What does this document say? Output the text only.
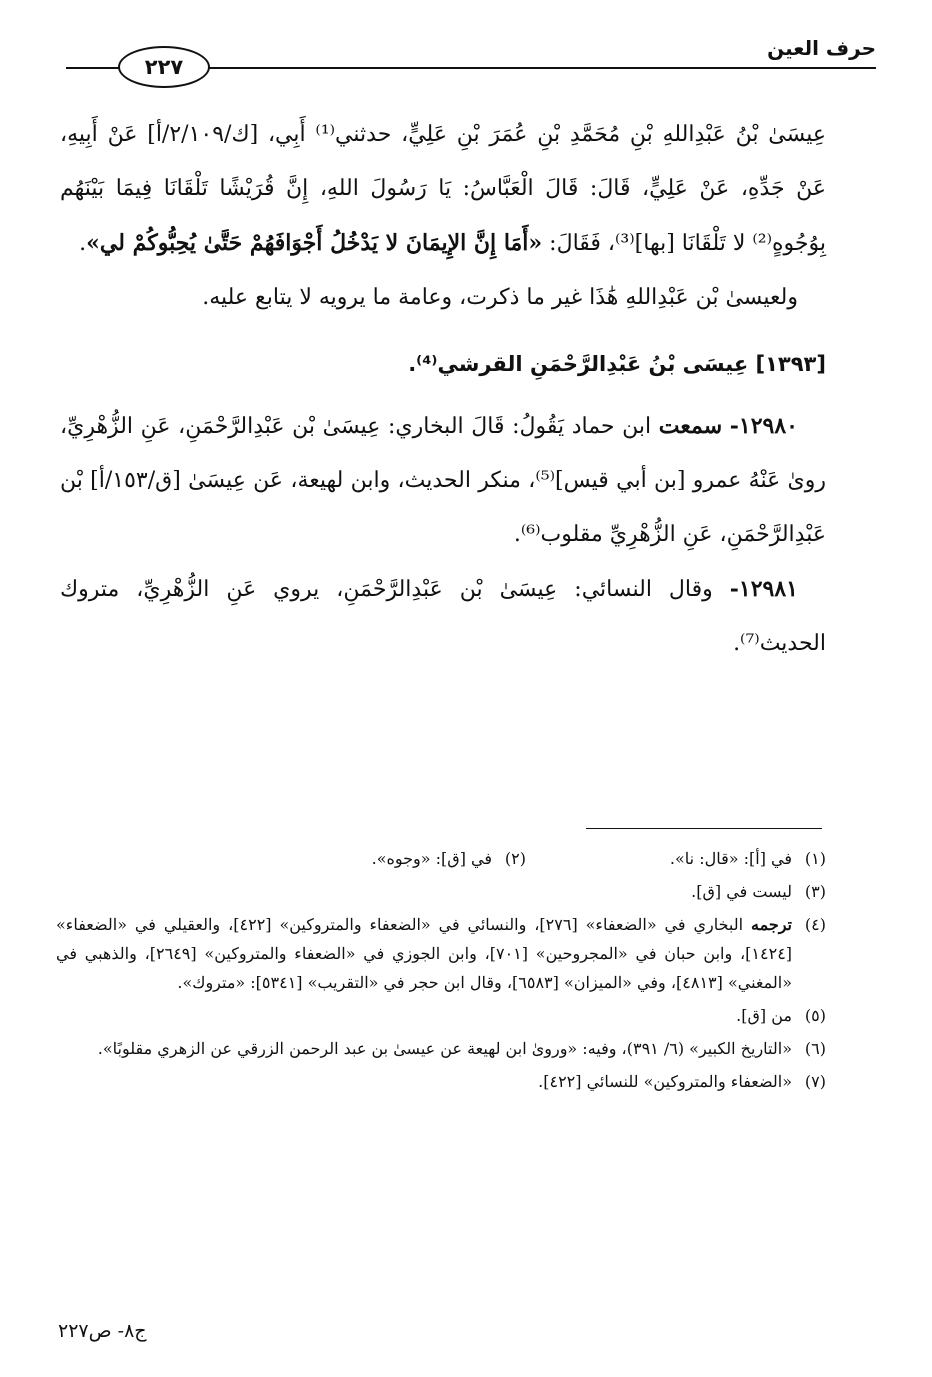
حرف العين
٢٢٧

عِيسَىٰ بْنُ عَبْدِاللهِ بْنِ مُحَمَّدِ بْنِ عُمَرَ بْنِ عَلِيٍّ، حدثني⁽¹⁾ أَبِي، [ك/٢/١٠٩/أ] عَنْ أَبِيهِ، عَنْ جَدِّهِ، عَنْ عَلِيٍّ، قَالَ: قَالَ الْعَبَّاسُ: يَا رَسُولَ اللهِ، إِنَّ قُرَيْشًا تَلْقَانَا فِيمَا بَيْنَهُم بِوُجُوهٍ⁽²⁾ لا تَلْقَانَا [بها]⁽³⁾، فَقَالَ: «أَمَا إِنَّ الإِيمَانَ لا يَدْخُلُ أَجْوَافَهُمْ حَتَّىٰ يُحِبُّوكُمْ لي».

ولعيسىٰ بْن عَبْدِاللهِ هَٰذَا غير ما ذكرت، وعامة ما يرويه لا يتابع عليه.

[١٣٩٣] عِيسَى بْنُ عَبْدِالرَّحْمَنِ القرشي⁽⁴⁾.

١٢٩٨٠- سمعت ابن حماد يَقُولُ: قَالَ البخاري: عِيسَىٰ بْن عَبْدِالرَّحْمَنِ، عَنِ الزُّهْرِيِّ، روىٰ عَنْهُ عمرو [بن أبي قيس]⁽⁵⁾، منكر الحديث، وابن لهيعة، عَن عِيسَىٰ [ق/١٥٣/أ] بْن عَبْدِالرَّحْمَنِ، عَنِ الزُّهْرِيِّ مقلوب⁽⁶⁾.

١٢٩٨١- وقال النسائي: عِيسَىٰ بْن عَبْدِالرَّحْمَنِ، يروي عَنِ الزُّهْرِيِّ، متروك الحديث⁽⁷⁾.

(١)
في [أ]: «قال: نا».
(٢)
في [ق]: «وجوه».
(٣)
ليست في [ق].
(٤)
ترجمه البخاري في «الضعفاء» [٢٧٦]، والنسائي في «الضعفاء والمتروكين» [٤٢٢]، والعقيلي في «الضعفاء» [١٤٢٤]، وابن حبان في «المجروحين» [٧٠١]، وابن الجوزي في «الضعفاء والمتروكين» [٢٦٤٩]، والذهبي في «المغني» [٤٨١٣]، وفي «الميزان» [٦٥٨٣]، وقال ابن حجر في «التقريب» [٥٣٤١]: «متروك».
(٥)
من [ق].
(٦)
«التاريخ الكبير» (٦/ ٣٩١)، وفيه: «وروىٰ ابن لهيعة عن عيسىٰ بن عبد الرحمن الزرقي عن الزهري مقلوبًا».
(٧)
«الضعفاء والمتروكين» للنسائي [٤٢٢].
ج٨- ص٢٢٧
